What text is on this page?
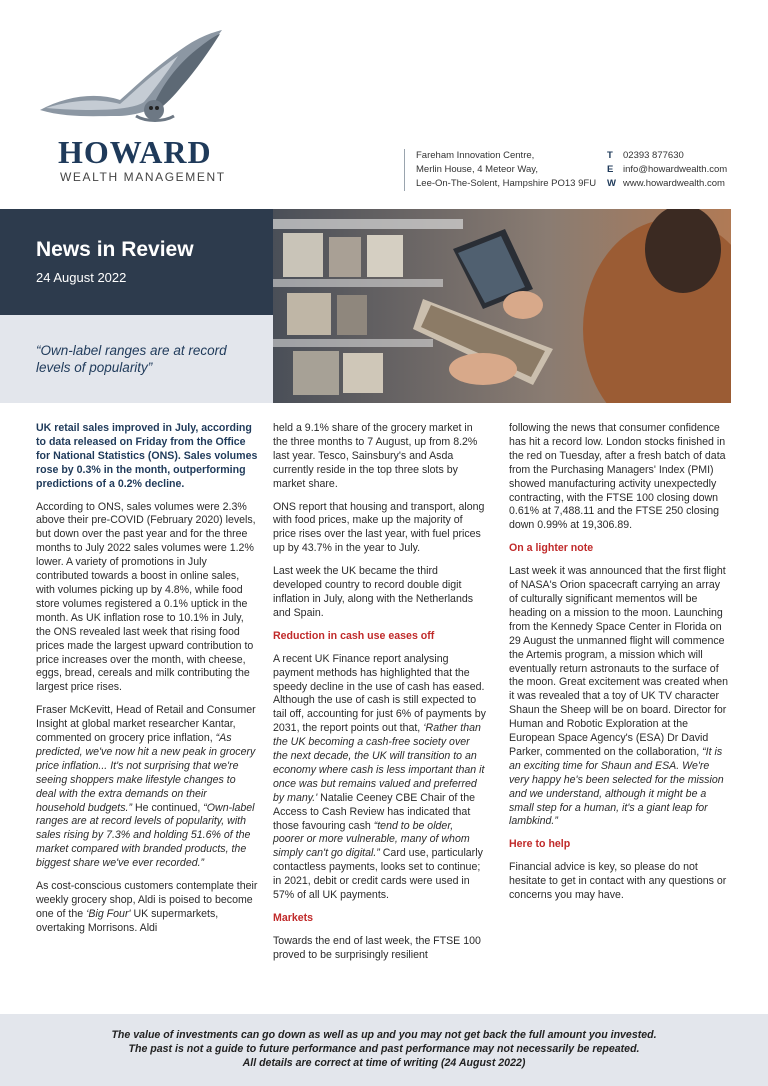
HOWARD
WEALTH MANAGEMENT
Fareham Innovation Centre,
Merlin House, 4 Meteor Way,
Lee-On-The-Solent, Hampshire PO13 9FU
T 02393 877630
E info@howardwealth.com
W www.howardwealth.com
News in Review
24 August 2022
“Own-label ranges are at record levels of popularity”

UK retail sales improved in July, according to data released on Friday from the Office for National Statistics (ONS). Sales volumes rose by 0.3% in the month, outperforming predictions of a 0.2% decline.

According to ONS, sales volumes were 2.3% above their pre-COVID (February 2020) levels, but down over the past year and for the three months to July 2022 sales volumes were 1.2% lower. A variety of promotions in July contributed towards a boost in online sales, with volumes picking up by 4.8%, while food store volumes registered a 0.1% uptick in the month. As UK inflation rose to 10.1% in July, the ONS revealed last week that rising food prices made the largest upward contribution to price increases over the month, with cheese, eggs, bread, cereals and milk contributing the largest price rises.

Fraser McKevitt, Head of Retail and Consumer Insight at global market researcher Kantar, commented on grocery price inflation, “As predicted, we've now hit a new peak in grocery price inflation... It's not surprising that we're seeing shoppers make lifestyle changes to deal with the extra demands on their household budgets.” He continued, “Own-label ranges are at record levels of popularity, with sales rising by 7.3% and holding 51.6% of the market compared with branded products, the biggest share we've ever recorded.”

As cost-conscious customers contemplate their weekly grocery shop, Aldi is poised to become one of the ‘Big Four' UK supermarkets, overtaking Morrisons. Aldi

held a 9.1% share of the grocery market in the three months to 7 August, up from 8.2% last year. Tesco, Sainsbury's and Asda currently reside in the top three slots by market share.

ONS report that housing and transport, along with food prices, make up the majority of price rises over the last year, with fuel prices up by 43.7% in the year to July.

Last week the UK became the third developed country to record double digit inflation in July, along with the Netherlands and Spain.

Reduction in cash use eases off

A recent UK Finance report analysing payment methods has highlighted that the speedy decline in the use of cash has eased. Although the use of cash is still expected to tail off, accounting for just 6% of payments by 2031, the report points out that, ‘Rather than the UK becoming a cash-free society over the next decade, the UK will transition to an economy where cash is less important than it once was but remains valued and preferred by many.' Natalie Ceeney CBE Chair of the Access to Cash Review has indicated that those favouring cash “tend to be older, poorer or more vulnerable, many of whom simply can't go digital.” Card use, particularly contactless payments, looks set to continue; in 2021, debit or credit cards were used in 57% of all UK payments.

Markets

Towards the end of last week, the FTSE 100 proved to be surprisingly resilient

following the news that consumer confidence has hit a record low. London stocks finished in the red on Tuesday, after a fresh batch of data from the Purchasing Managers' Index (PMI) showed manufacturing activity unexpectedly contracting, with the FTSE 100 closing down 0.61% at 7,488.11 and the FTSE 250 closing down 0.99% at 19,306.89.

On a lighter note

Last week it was announced that the first flight of NASA's Orion spacecraft carrying an array of culturally significant mementos will be heading on a mission to the moon. Launching from the Kennedy Space Center in Florida on 29 August the unmanned flight will commence the Artemis program, a mission which will eventually return astronauts to the surface of the moon. Great excitement was created when it was revealed that a toy of UK TV character Shaun the Sheep will be on board. Director for Human and Robotic Exploration at the European Space Agency's (ESA) Dr David Parker, commented on the collaboration, “It is an exciting time for Shaun and ESA. We're very happy he's been selected for the mission and we understand, although it might be a small step for a human, it's a giant leap for lambkind.”

Here to help

Financial advice is key, so please do not hesitate to get in contact with any questions or concerns you may have.

The value of investments can go down as well as up and you may not get back the full amount you invested.
The past is not a guide to future performance and past performance may not necessarily be repeated.
All details are correct at time of writing (24 August 2022)
